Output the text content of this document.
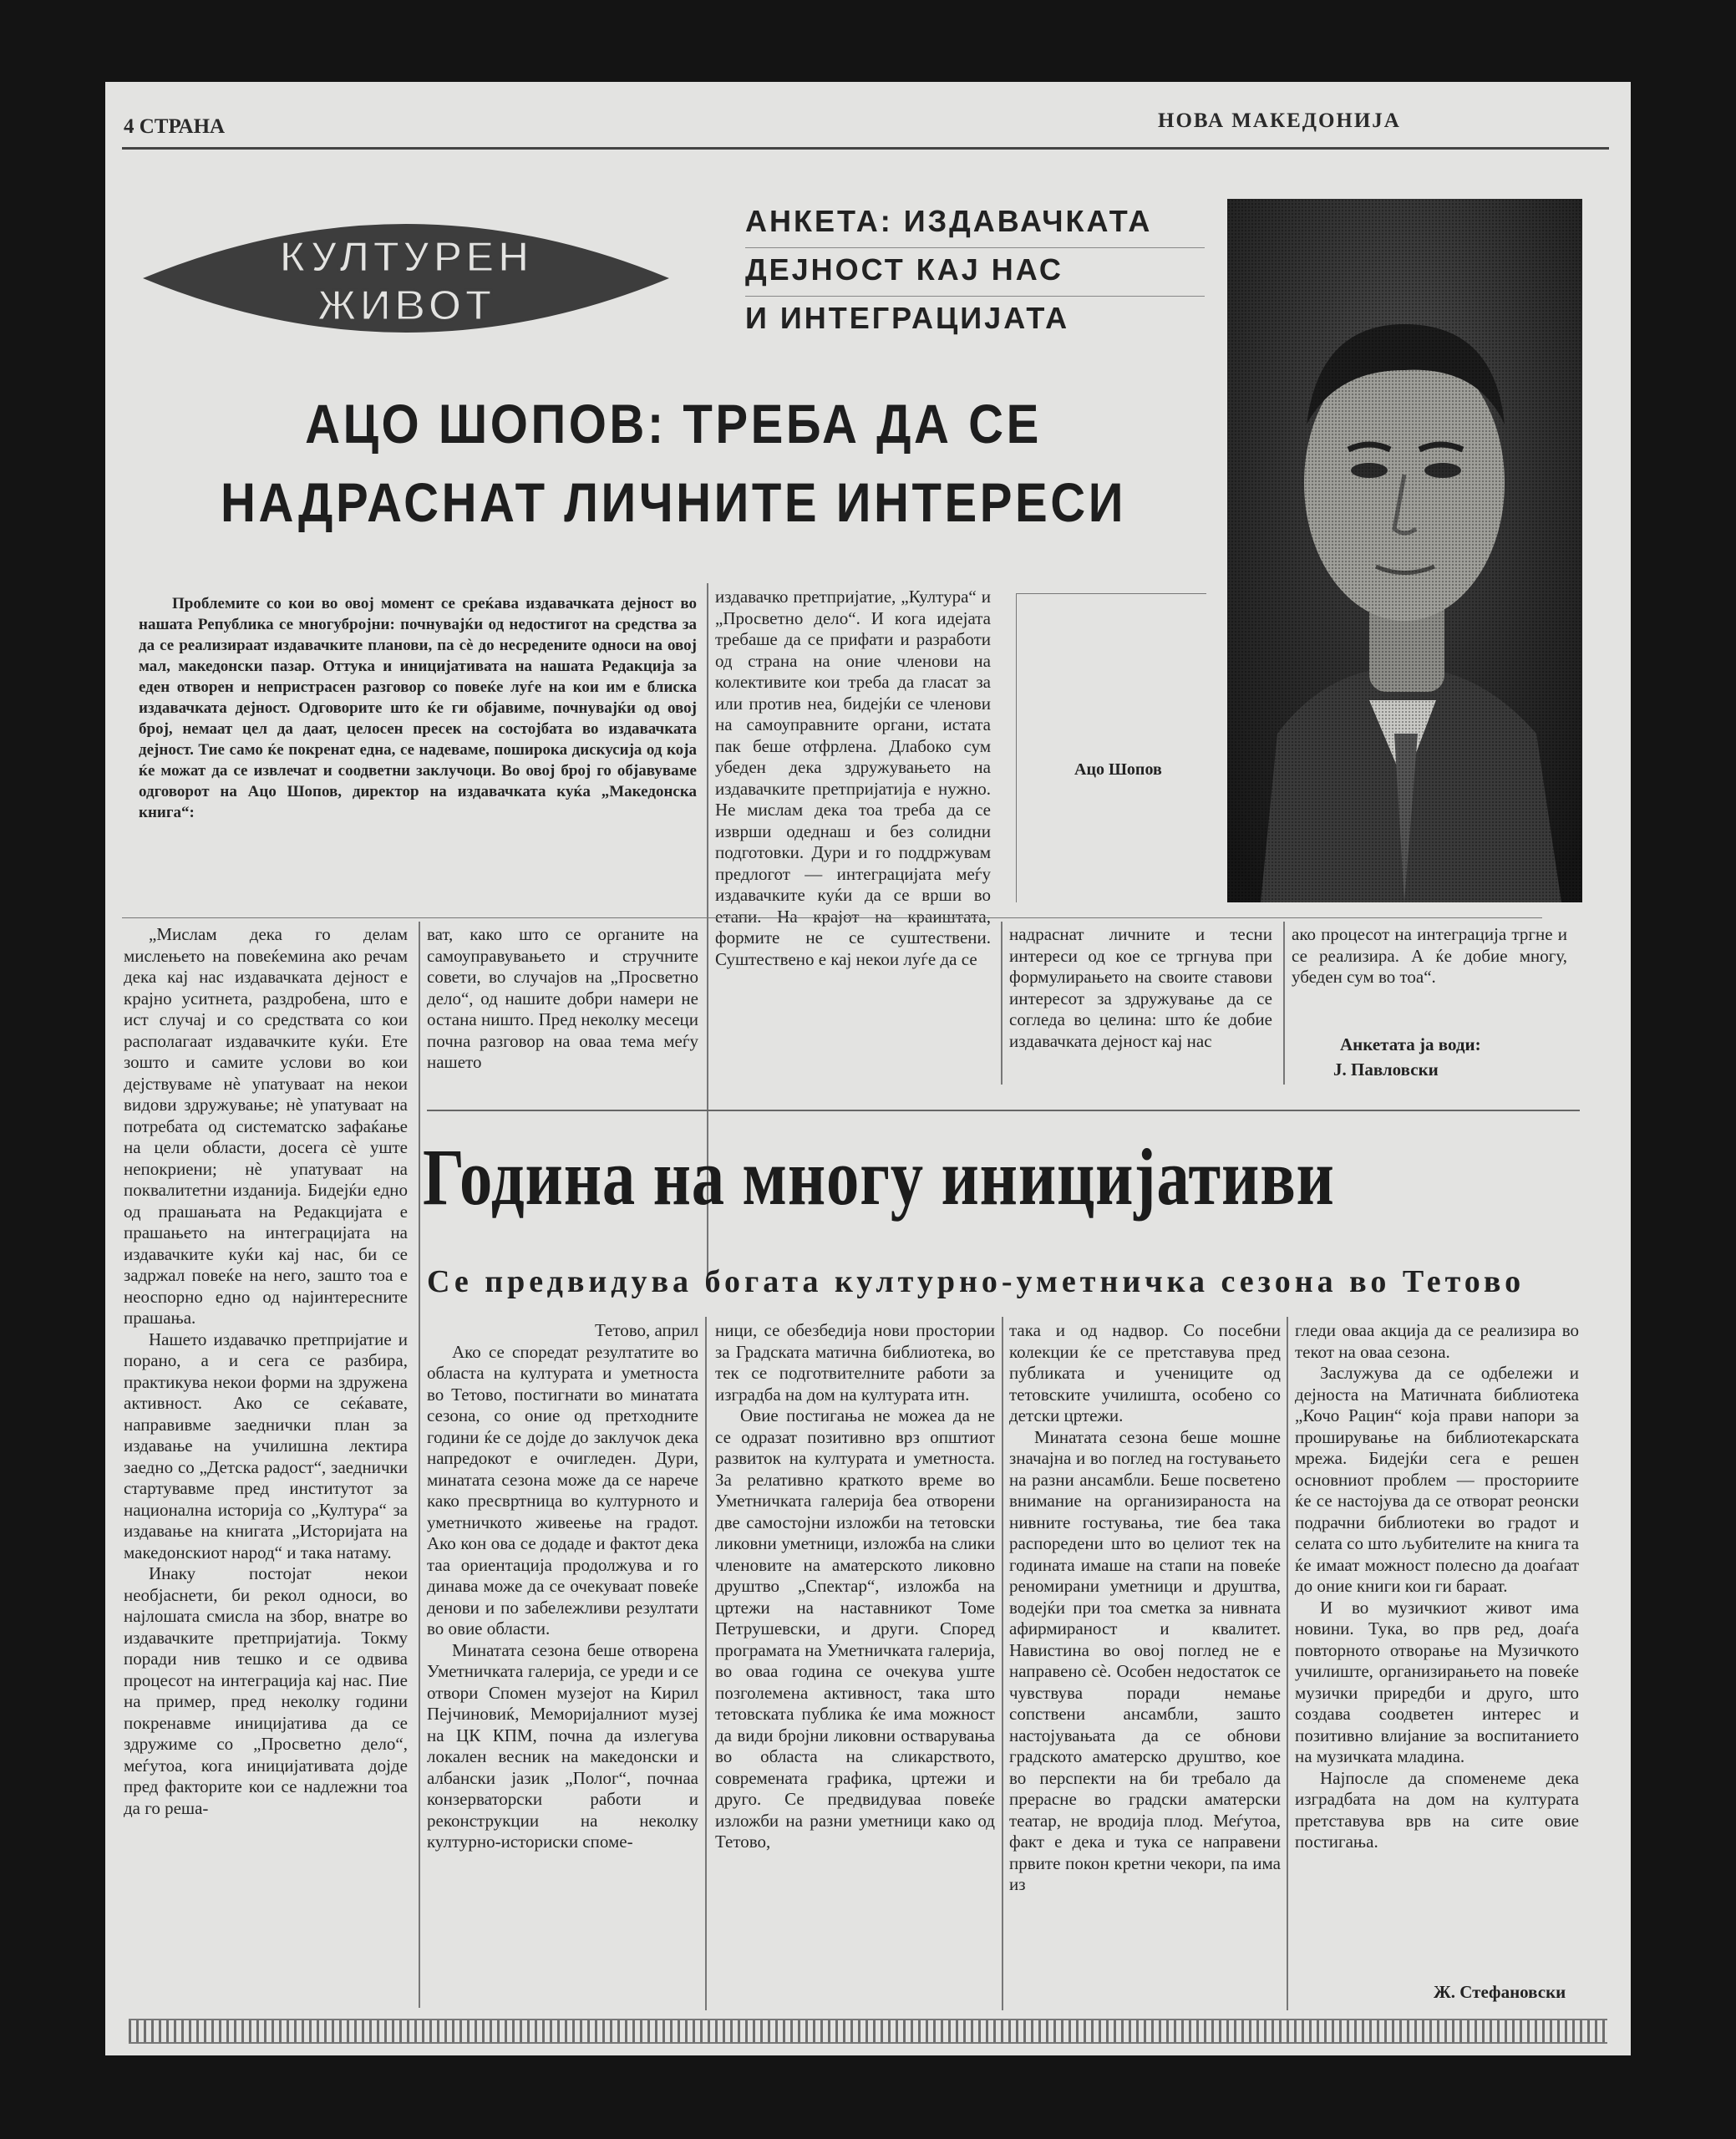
4 СТРАНА	НОВА МАКЕДОНИЈА
КУЛТУРЕН
ЖИВОТ
АНКЕТА: ИЗДАВАЧКАТА
ДЕЈНОСТ КАЈ НАС
И ИНТЕГРАЦИЈАТА
АЦО ШОПОВ: ТРЕБА ДА СЕ НАДРАСНАТ ЛИЧНИТЕ ИНТЕРЕСИ
Проблемите со кои во овој момент се среќава издавачката дејност во нашата Република се многубројни: почнувајќи од недостигот на средства за да се реализираат издавачките планови, па сè до несредените односи на овој мал, македонски пазар. Оттука и иницијативата на нашата Редакција за еден отворен и непристрасен разговор со повеќе луѓе на кои им е блиска издавачката дејност. Одговорите што ќе ги објавиме, почнувајќи од овој број, немаат цел да даат, целосен пресек на состојбата во издавачката дејност. Тие само ќе покренат една, се надеваме, поширока дискусија од која ќе можат да се извлечат и соодветни заклучоци. Во овој број го објавуваме одговорот на Ацо Шопов, директор на издавачката куќа „Македонска книга“:

издавачко претпријатие, „Култура“ и „Просветно дело“. И кога идејата требаше да се прифати и разработи од страна на оние членови на колективите кои треба да гласат за или против неа, бидејќи се членови на самоуправните органи, истата пак беше отфрлена. Длабоко сум убеден дека здружувањето на издавачките претпријатија е нужно. Не мислам дека тоа треба да се изврши одеднаш и без солидни подготовки. Дури и го поддржувам предлогот — интеграцијата меѓу издавачките куќи да се врши во етапи. На крајот на краиштата, формите не се суштествени. Суштествено е кај некои луѓе да се

Ацо Шопов

„Мислам дека го делам мислењето на повеќемина ако речам дека кај нас издавачката дејност е крајно уситнета, раздробена, што е ист случај и со средствата со кои располагаат издавачките куќи. Ете зошто и самите услови во кои дејствуваме нè упатуваат на некои видови здружување; нè упатуваат на потребата од систематско зафаќање на цели области, досега сè уште непокриени; нè упатуваат на поквалитетни изданија. Бидејќи едно од прашањата на Редакцијата е прашањето на интеграцијата на издавачките куќи кај нас, би се задржал повеќе на него, зашто тоа е неоспорно едно од најинтересните прашања.

Нашето издавачко претпријатие и порано, а и сега се разбира, практикува некои форми на здружена активност. Ако се сеќавате, направивме заеднички план за издавање на училишна лектира заедно со „Детска радост“, заеднички стартувавме пред институтот за национална историја со „Култура“ за издавање на книгата „Историјата на македонскиот народ“ и така натаму.

Инаку постојат некои необјаснети, би рекол односи, во најлошата смисла на збор, внатре во издавачките претпријатија. Токму поради нив тешко и се одвива процесот на интеграција кај нас. Пие на пример, пред неколку години покренавме иницијатива да се здружиме со „Просветно дело“, меѓутоа, кога иницијативата дојде пред факторите кои се надлежни тоа да го реша-

ват, како што се органите на самоуправувањето и стручните совети, во случајов на „Просветно дело“, од нашите добри намери не остана ништо. Пред неколку месеци почна разговор на оваа тема меѓу нашето

надраснат личните и тесни интереси од кое се тргнува при формулирањето на своите ставови интересот за здружување да се согледа во целина: што ќе добие издавачката дејност кај нас

ако процесот на интеграција тргне и се реализира. А ќе добие многу, убеден сум во тоа“.

Анкетата ја води:
Ј. Павловски
Година на многу иницијативи
Се предвидува богата културно-уметничка сезона во Тетово

Тетово, април

Ако се споредат резултатите во областа на културата и уметноста во Тетово, постигнати во минатата сезона, со оние од претходните години ќе се дојде до заклучок дека напредокот е очигледен. Дури, минатата сезона може да се нарече како пресвртница во културното и уметничкото живеење на градот. Ако кон ова се додаде и фактот дека таа ориентација продолжува и го динава може да се очекуваат повеќе денови и по забележливи резултати во овие области.

Минатата сезона беше отворена Уметничката галерија, се уреди и се отвори Спомен музејот на Кирил Пејчиновиќ, Меморијалниот музеј на ЦК КПМ, почна да излегува локален весник на македонски и албански јазик „Полог“, почнаа конзерваторски работи и реконструкции на неколку културно-историски споме-

ници, се обезбедија нови простории за Градската матична библиотека, во тек се подготвителните работи за изградба на дом на културата итн.

Овие постигања не можеа да не се одразат позитивно врз општиот развиток на културата и уметноста. За релативно краткото време во Уметничката галерија беа отворени две самостојни изложби на тетовски ликовни уметници, изложба на слики членовите на аматерското ликовно друштво „Спектар“, изложба на цртежи на наставникот Томе Петрушевски, и други. Според програмата на Уметничката галерија, во оваа година се очекува уште позголемена активност, така што тетовската публика ќе има можност да види бројни ликовни остварувања во областа на сликарството, современата графика, цртежи и друго. Се предвидуваа повеќе изложби на разни уметници како од Тетово,

така и од надвор. Со посебни колекции ќе се претставува пред публиката и учениците од тетовските училишта, особено со детски цртежи.

Минатата сезона беше мошне значајна и во поглед на гостувањето на разни ансамбли. Беше посветено внимание на организираноста на нивните гостувања, тие беа така распоредени што во целиот тек на годината имаше на стапи на повеќе реномирани уметници и друштва, водејќи при тоа сметка за нивната афирмираност и квалитет. Навистина во овој поглед не е направено сè. Особен недостаток се чувствува поради немање сопствени ансамбли, зашто настојувањата да се обнови градското аматерско друштво, кое во перспекти на би требало да прерасне во градски аматерски театар, не вродија плод. Меѓутоа, факт е дека и тука се направени првите покон кретни чекори, па има из

гледи оваа акција да се реализира во текот на оваа сезона.

Заслужува да се одбележи и дејноста на Матичната библиотека „Кочо Рацин“ која прави напори за проширување на библиотекарската мрежа. Бидејќи сега е решен основниот проблем — просториите ќе се настојува да се отворат реонски подрачни библиотеки во градот и селата со што љубителите на книга та ќе имаат можност полесно да доаѓаат до оние книги кои ги бараат.

И во музичкиот живот има новини. Тука, во прв ред, доаѓа повторното отворање на Музичкото училиште, организирањето на повеќе музички приредби и друго, што создава соодветен интерес и позитивно влијание за воспитанието на музичката младина.

Најпосле да споменеме дека изградбата на дом на културата претставува врв на сите овие постигања.

Ж. Стефановски
